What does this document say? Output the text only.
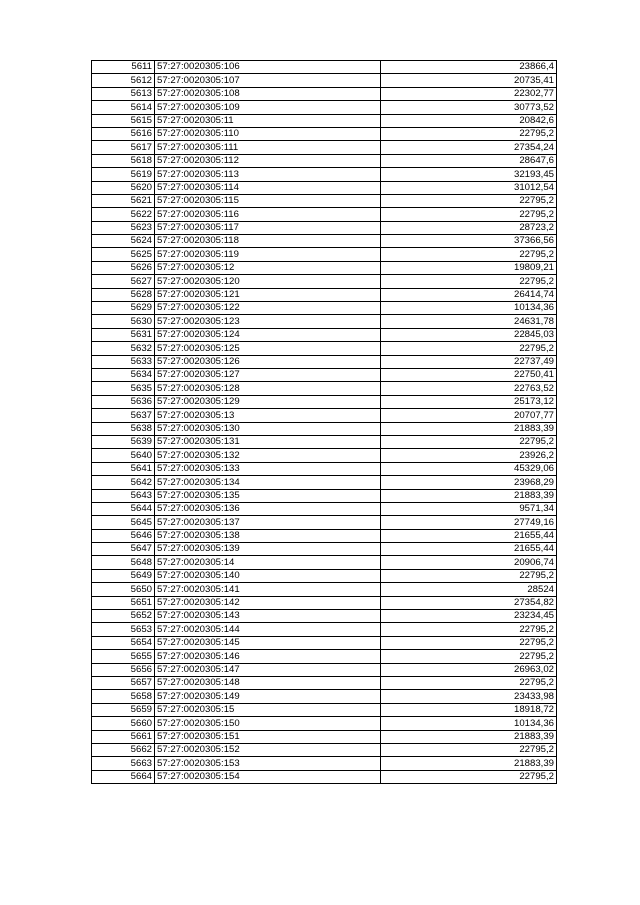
5611	57:27:0020305:106	23866,4
5612	57:27:0020305:107	20735,41
5613	57:27:0020305:108	22302,77
5614	57:27:0020305:109	30773,52
5615	57:27:0020305:11	20842,6
5616	57:27:0020305:110	22795,2
5617	57:27:0020305:111	27354,24
5618	57:27:0020305:112	28647,6
5619	57:27:0020305:113	32193,45
5620	57:27:0020305:114	31012,54
5621	57:27:0020305:115	22795,2
5622	57:27:0020305:116	22795,2
5623	57:27:0020305:117	28723,2
5624	57:27:0020305:118	37366,56
5625	57:27:0020305:119	22795,2
5626	57:27:0020305:12	19809,21
5627	57:27:0020305:120	22795,2
5628	57:27:0020305:121	26414,74
5629	57:27:0020305:122	10134,36
5630	57:27:0020305:123	24631,78
5631	57:27:0020305:124	22845,03
5632	57:27:0020305:125	22795,2
5633	57:27:0020305:126	22737,49
5634	57:27:0020305:127	22750,41
5635	57:27:0020305:128	22763,52
5636	57:27:0020305:129	25173,12
5637	57:27:0020305:13	20707,77
5638	57:27:0020305:130	21883,39
5639	57:27:0020305:131	22795,2
5640	57:27:0020305:132	23926,2
5641	57:27:0020305:133	45329,06
5642	57:27:0020305:134	23968,29
5643	57:27:0020305:135	21883,39
5644	57:27:0020305:136	9571,34
5645	57:27:0020305:137	27749,16
5646	57:27:0020305:138	21655,44
5647	57:27:0020305:139	21655,44
5648	57:27:0020305:14	20906,74
5649	57:27:0020305:140	22795,2
5650	57:27:0020305:141	28524
5651	57:27:0020305:142	27354,82
5652	57:27:0020305:143	23234,45
5653	57:27:0020305:144	22795,2
5654	57:27:0020305:145	22795,2
5655	57:27:0020305:146	22795,2
5656	57:27:0020305:147	26963,02
5657	57:27:0020305:148	22795,2
5658	57:27:0020305:149	23433,98
5659	57:27:0020305:15	18918,72
5660	57:27:0020305:150	10134,36
5661	57:27:0020305:151	21883,39
5662	57:27:0020305:152	22795,2
5663	57:27:0020305:153	21883,39
5664	57:27:0020305:154	22795,2
